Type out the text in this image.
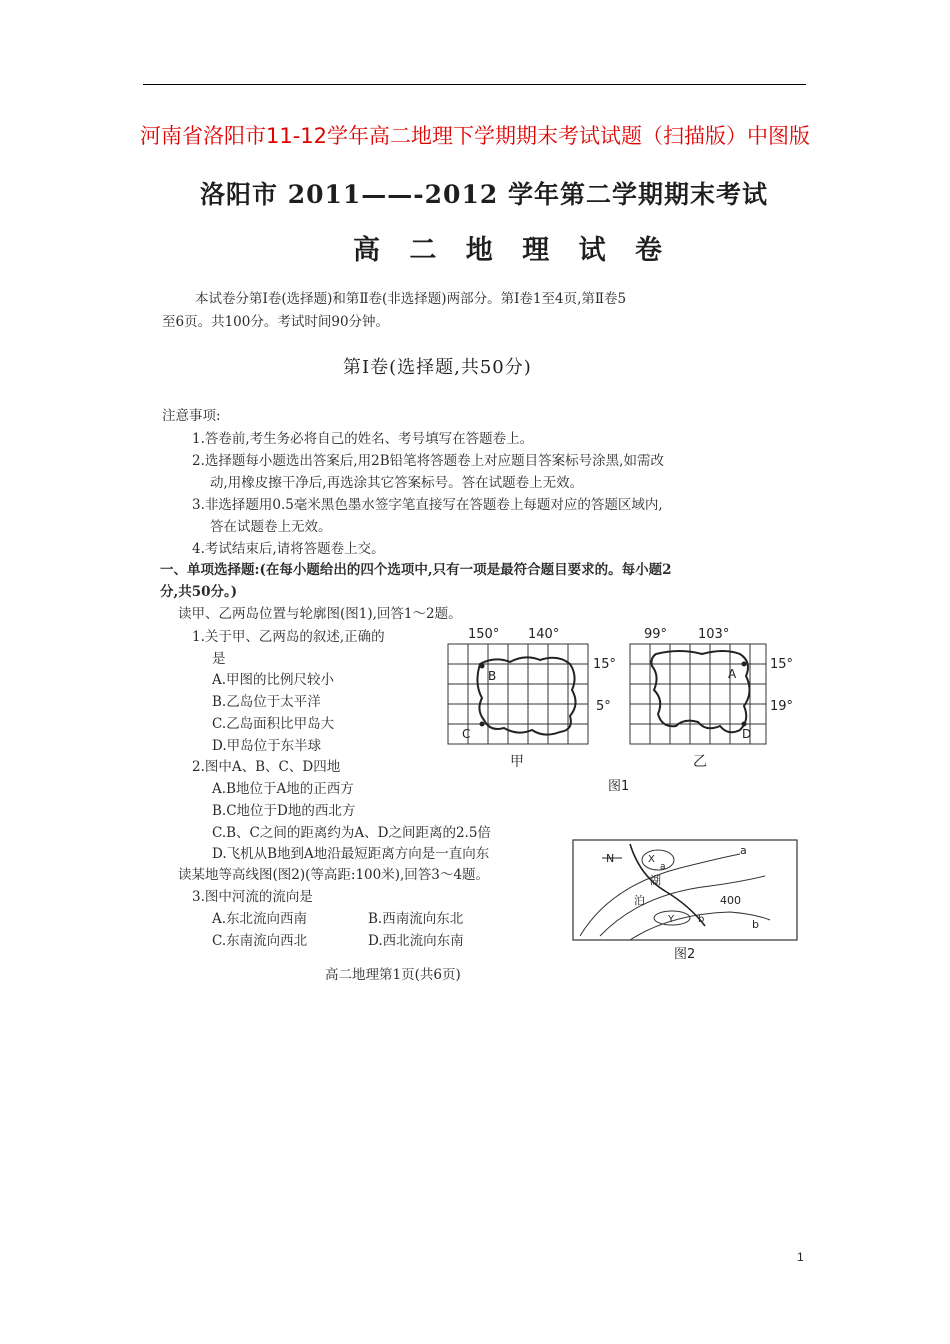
河南省洛阳市11-12学年高二地理下学期期末考试试题（扫描版）中图版
洛阳市 2011——-2012 学年第二学期期末考试
高 二 地 理 试 卷
本试卷分第Ⅰ卷(选择题)和第Ⅱ卷(非选择题)两部分。第Ⅰ卷1至4页,第Ⅱ卷5
至6页。共100分。考试时间90分钟。
第Ⅰ卷(选择题,共50分)
注意事项:
1.答卷前,考生务必将自己的姓名、考号填写在答题卷上。
2.选择题每小题选出答案后,用2B铅笔将答题卷上对应题目答案标号涂黑,如需改
动,用橡皮擦干净后,再选涂其它答案标号。答在试题卷上无效。
3.非选择题用0.5毫米黑色墨水签字笔直接写在答题卷上每题对应的答题区域内,
答在试题卷上无效。
4.考试结束后,请将答题卷上交。
一、单项选择题:(在每小题给出的四个选项中,只有一项是最符合题目要求的。每小题2
分,共50分。)
读甲、乙两岛位置与轮廓图(图1),回答1～2题。
1.关于甲、乙两岛的叙述,正确的
是
A.甲图的比例尺较小
B.乙岛位于太平洋
C.乙岛面积比甲岛大
D.甲岛位于东半球
2.图中A、B、C、D四地
A.B地位于A地的正西方
B.C地位于D地的西北方
C.B、C之间的距离约为A、D之间距离的2.5倍
D.飞机从B地到A地沿最短距离方向是一直向东
读某地等高线图(图2)(等高距:100米),回答3～4题。
3.图中河流的流向是
A.东北流向西南	B.西南流向东北
C.东南流向西北	D.西北流向东南
高二地理第1页(共6页)
150° 140°
B
C
15°
5°
99° 103°
A
D
15°
19°
甲	乙
图1
N	X
a
a
湖
泊	400
Y b	b
图2
1
